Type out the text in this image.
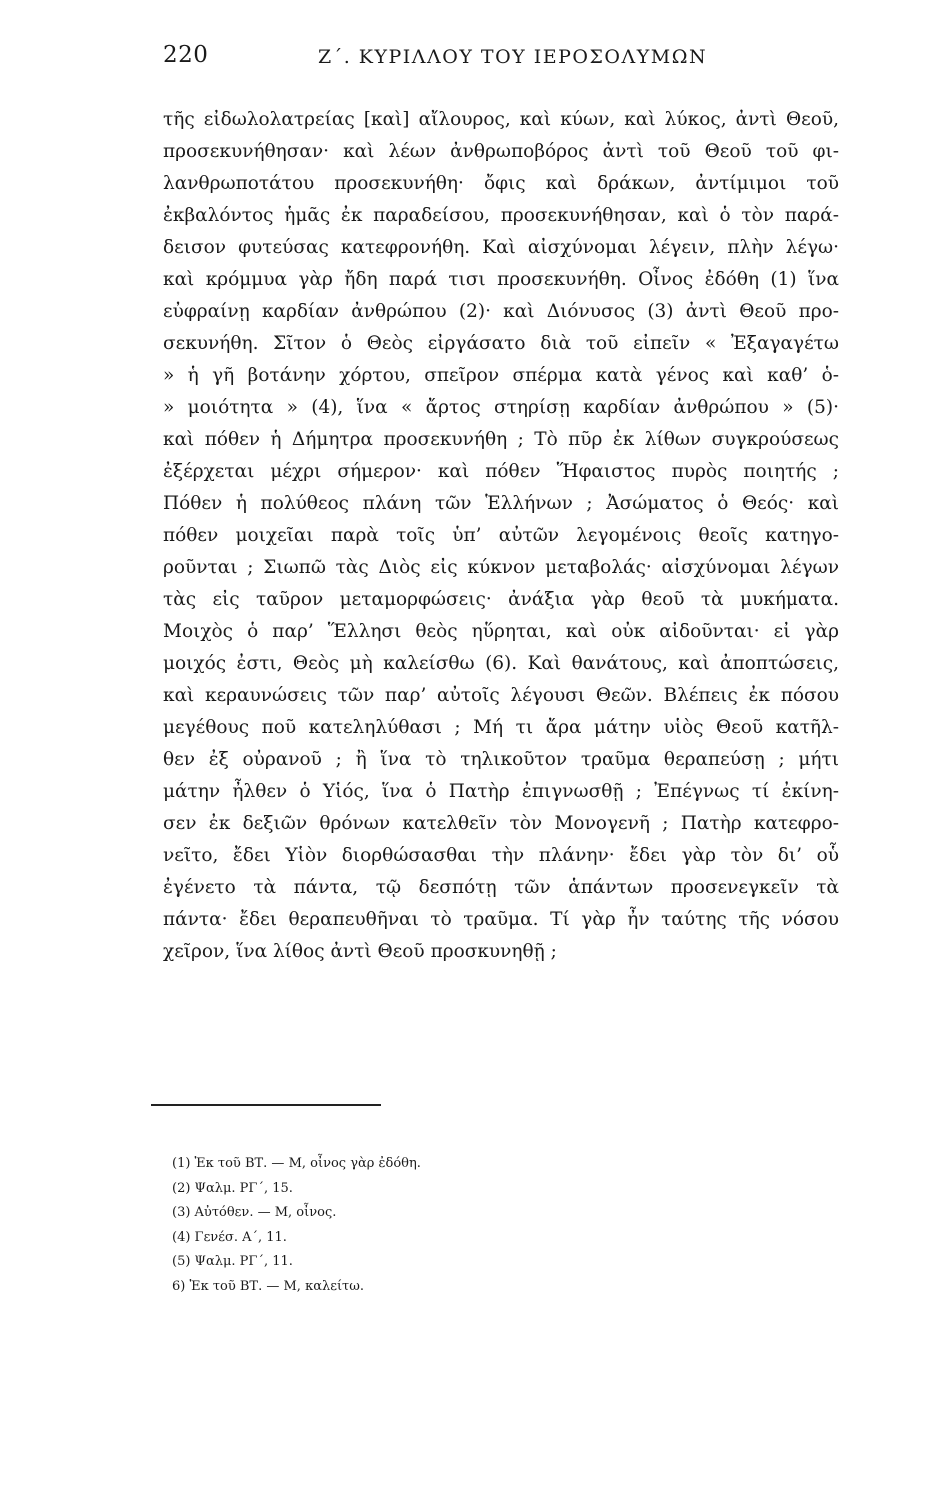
220	Ζ΄. ΚΥΡΙΛΛΟΥ ΤΟΥ ΙΕΡΟΣΟΛΥΜΩΝ
τῆς εἰδωλολατρείας [καὶ] αἴλουρος, καὶ κύων, καὶ λύκος, ἀντὶ Θεοῦ,
προσεκυνήθησαν· καὶ λέων ἀνθρωποβόρος ἀντὶ τοῦ Θεοῦ τοῦ φι-
λανθρωποτάτου προσεκυνήθη· ὄφις καὶ δράκων, ἀντίμιμοι τοῦ
ἐκβαλόντος ἡμᾶς ἐκ παραδείσου, προσεκυνήθησαν, καὶ ὁ τὸν παρά-
δεισον φυτεύσας κατεφρονήθη. Καὶ αἰσχύνομαι λέγειν, πλὴν λέγω·
καὶ κρόμμυα γὰρ ἤδη παρά τισι προσεκυνήθη. Οἶνος ἐδόθη (1) ἵνα
εὐφραίνῃ καρδίαν ἀνθρώπου (2)· καὶ Διόνυσος (3) ἀντὶ Θεοῦ προ-
σεκυνήθη. Σῖτον ὁ Θεὸς εἰργάσατο διὰ τοῦ εἰπεῖν « Ἐξαγαγέτω
» ἡ γῆ βοτάνην χόρτου, σπεῖρον σπέρμα κατὰ γένος καὶ καθ’ ὁ-
» μοιότητα » (4), ἵνα « ἄρτος στηρίσῃ καρδίαν ἀνθρώπου » (5)·
καὶ πόθεν ἡ Δήμητρα προσεκυνήθη ; Τὸ πῦρ ἐκ λίθων συγκρούσεως
ἐξέρχεται μέχρι σήμερον· καὶ πόθεν Ἥφαιστος πυρὸς ποιητής ;
Πόθεν ἡ πολύθεος πλάνη τῶν Ἑλλήνων ; Ἀσώματος ὁ Θεός· καὶ
πόθεν μοιχεῖαι παρὰ τοῖς ὑπ’ αὐτῶν λεγομένοις θεοῖς κατηγο-
ροῦνται ; Σιωπῶ τὰς Διὸς εἰς κύκνον μεταβολάς· αἰσχύνομαι λέγων
τὰς εἰς ταῦρον μεταμορφώσεις· ἀνάξια γὰρ θεοῦ τὰ μυκήματα.
Μοιχὸς ὁ παρ’ Ἕλλησι θεὸς ηὕρηται, καὶ οὐκ αἰδοῦνται· εἰ γὰρ
μοιχός ἐστι, Θεὸς μὴ καλείσθω (6). Καὶ θανάτους, καὶ ἀποπτώσεις,
καὶ κεραυνώσεις τῶν παρ’ αὐτοῖς λέγουσι Θεῶν. Βλέπεις ἐκ πόσου
μεγέθους ποῦ κατεληλύθασι ; Μή τι ἄρα μάτην υἱὸς Θεοῦ κατῆλ-
θεν ἐξ οὐρανοῦ ; ἢ ἵνα τὸ τηλικοῦτον τραῦμα θεραπεύσῃ ; μήτι
μάτην ἦλθεν ὁ Υἱός, ἵνα ὁ Πατὴρ ἐπιγνωσθῇ ; Ἐπέγνως τί ἐκίνη-
σεν ἐκ δεξιῶν θρόνων κατελθεῖν τὸν Μονογενῆ ; Πατὴρ κατεφρο-
νεῖτο, ἔδει Υἱὸν διορθώσασθαι τὴν πλάνην· ἔδει γὰρ τὸν δι’ οὗ
ἐγένετο τὰ πάντα, τῷ δεσπότῃ τῶν ἁπάντων προσενεγκεῖν τὰ
πάντα· ἔδει θεραπευθῆναι τὸ τραῦμα. Τί γὰρ ἦν ταύτης τῆς νόσου
χεῖρον, ἵνα λίθος ἀντὶ Θεοῦ προσκυνηθῇ ;
(1) Ἐκ τοῦ ΒΤ. — Μ, οἶνος γὰρ ἐδόθη.
(2) Ψαλμ. ΡΓ΄, 15.
(3) Αὐτόθεν. — Μ, οἶνος.
(4) Γενέσ. Α΄, 11.
(5) Ψαλμ. ΡΓ΄, 11.
6) Ἐκ τοῦ ΒΤ. — Μ, καλείτω.
